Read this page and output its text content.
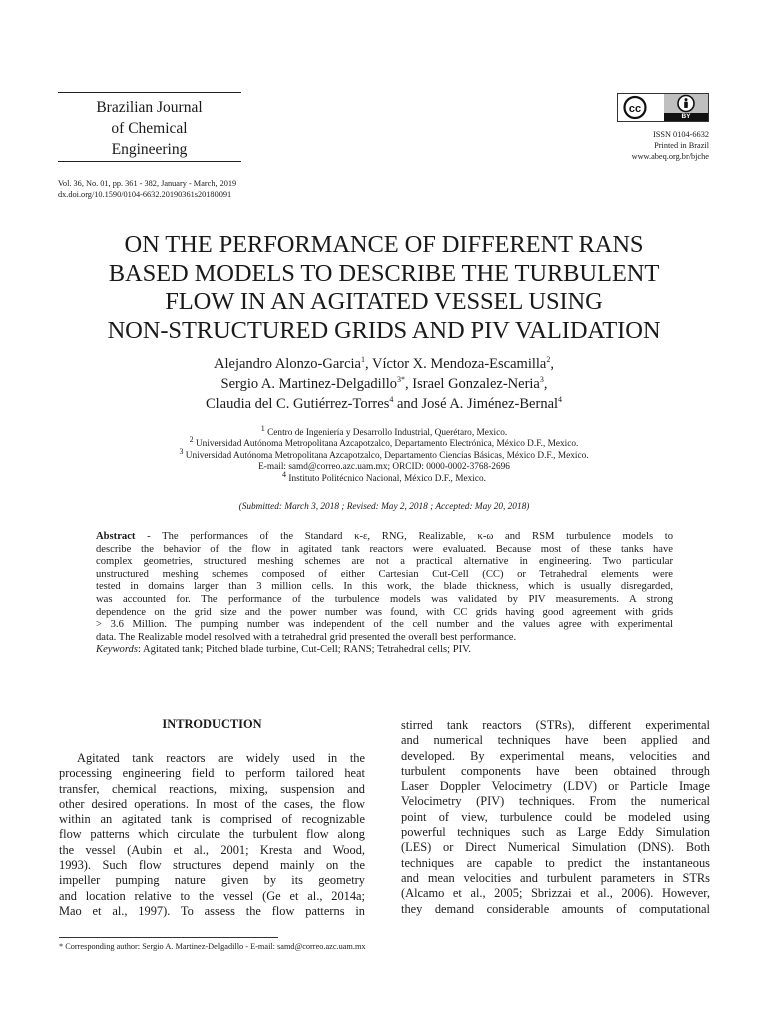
Brazilian Journal
of Chemical
Engineering
cc
BY
ISSN 0104-6632
Printed in Brazil
www.abeq.org.br/bjche
Vol. 36, No. 01, pp. 361 - 382, January - March, 2019
dx.doi.org/10.1590/0104-6632.20190361s20180091
ON THE PERFORMANCE OF DIFFERENT RANS
BASED MODELS TO DESCRIBE THE TURBULENT
FLOW IN AN AGITATED VESSEL USING
NON-STRUCTURED GRIDS AND PIV VALIDATION
Alejandro Alonzo-Garcia$^1$, Víctor X. Mendoza-Escamilla$^2$,
Sergio A. Martinez-Delgadillo$^{3*}$, Israel Gonzalez-Neria$^3$,
Claudia del C. Gutiérrez-Torres$^4$ and José A. Jiménez-Bernal$^4$
$^1$ Centro de Ingeniería y Desarrollo Industrial, Querétaro, Mexico.
$^2$ Universidad Autónoma Metropolitana Azcapotzalco, Departamento Electrónica, México D.F., Mexico.
$^3$ Universidad Autónoma Metropolitana Azcapotzalco, Departamento Ciencias Básicas, México D.F., Mexico.
E-mail: samd@correo.azc.uam.mx; ORCID: 0000-0002-3768-2696
$^4$ Instituto Politécnico Nacional, México D.F., Mexico.
(Submitted: March 3, 2018 ; Revised: May 2, 2018 ; Accepted: May 20, 2018)
Abstract - The performances of the Standard κ-ε, RNG, Realizable, κ-ω and RSM turbulence models to
describe the behavior of the flow in agitated tank reactors were evaluated. Because most of these tanks have
complex geometries, structured meshing schemes are not a practical alternative in engineering. Two particular
unstructured meshing schemes composed of either Cartesian Cut-Cell (CC) or Tetrahedral elements were
tested in domains larger than 3 million cells. In this work, the blade thickness, which is usually disregarded,
was accounted for. The performance of the turbulence models was validated by PIV measurements. A strong
dependence on the grid size and the power number was found, with CC grids having good agreement with grids
> 3.6 Million. The pumping number was independent of the cell number and the values agree with experimental
data. The Realizable model resolved with a tetrahedral grid presented the overall best performance.
Keywords: Agitated tank; Pitched blade turbine, Cut-Cell; RANS; Tetrahedral cells; PIV.
INTRODUCTION
Agitated tank reactors are widely used in the
processing engineering field to perform tailored heat
transfer, chemical reactions, mixing, suspension and
other desired operations. In most of the cases, the flow
within an agitated tank is comprised of recognizable
flow patterns which circulate the turbulent flow along
the vessel (Aubin et al., 2001; Kresta and Wood,
1993). Such flow structures depend mainly on the
impeller pumping nature given by its geometry
and location relative to the vessel (Ge et al., 2014a;
Mao et al., 1997). To assess the flow patterns in
stirred tank reactors (STRs), different experimental
and numerical techniques have been applied and
developed. By experimental means, velocities and
turbulent components have been obtained through
Laser Doppler Velocimetry (LDV) or Particle Image
Velocimetry (PIV) techniques. From the numerical
point of view, turbulence could be modeled using
powerful techniques such as Large Eddy Simulation
(LES) or Direct Numerical Simulation (DNS). Both
techniques are capable to predict the instantaneous
and mean velocities and turbulent parameters in STRs
(Alcamo et al., 2005; Sbrizzai et al., 2006). However,
they demand considerable amounts of computational
* Corresponding author: Sergio A. Martinez-Delgadillo - E-mail: samd@correo.azc.uam.mx
